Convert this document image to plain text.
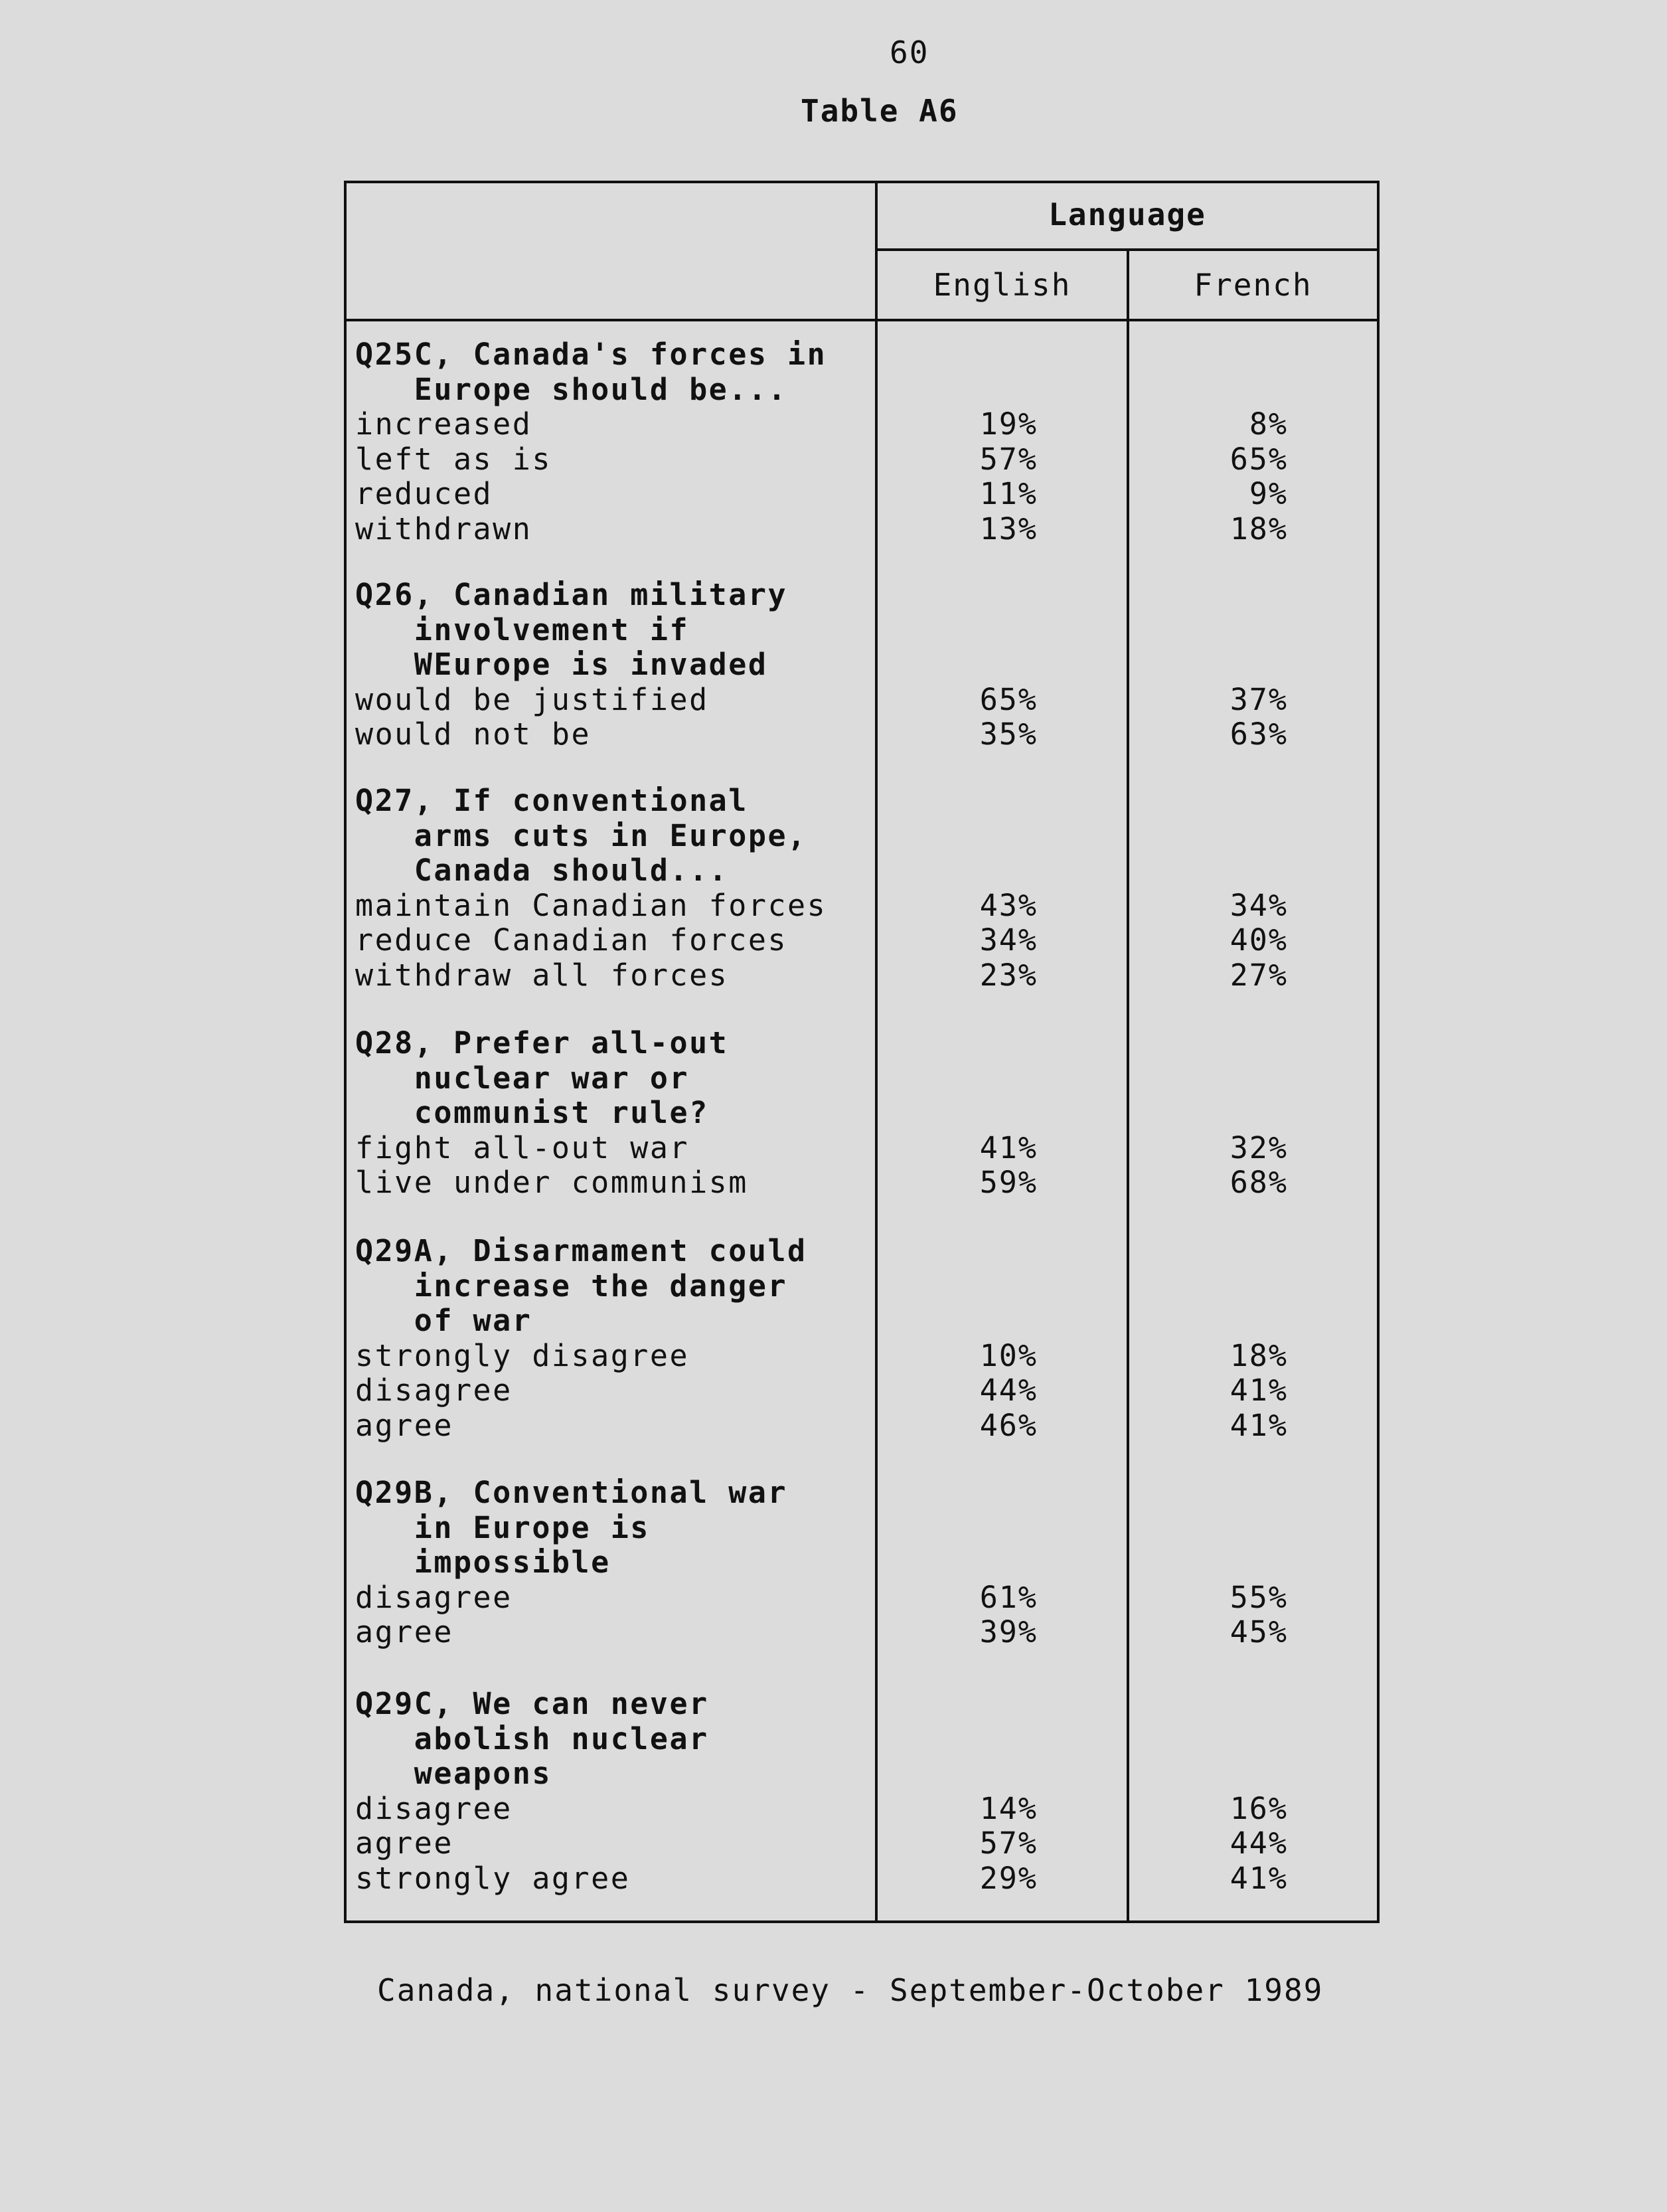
60
Table A6
Language
English	French
Q25C, Canada's forces in
Europe should be...
increased	19%	8%
left as is	57%	65%
reduced	11%	9%
withdrawn	13%	18%
Q26, Canadian military
involvement if
WEurope is invaded
would be justified	65%	37%
would not be	35%	63%
Q27, If conventional
arms cuts in Europe,
Canada should...
maintain Canadian forces	43%	34%
reduce Canadian forces	34%	40%
withdraw all forces	23%	27%
Q28, Prefer all-out
nuclear war or
communist rule?
fight all-out war	41%	32%
live under communism	59%	68%
Q29A, Disarmament could
increase the danger
of war
strongly disagree	10%	18%
disagree	44%	41%
agree	46%	41%
Q29B, Conventional war
in Europe is
impossible
disagree	61%	55%
agree	39%	45%
Q29C, We can never
abolish nuclear
weapons
disagree	14%	16%
agree	57%	44%
strongly agree	29%	41%
Canada, national survey - September-October 1989
